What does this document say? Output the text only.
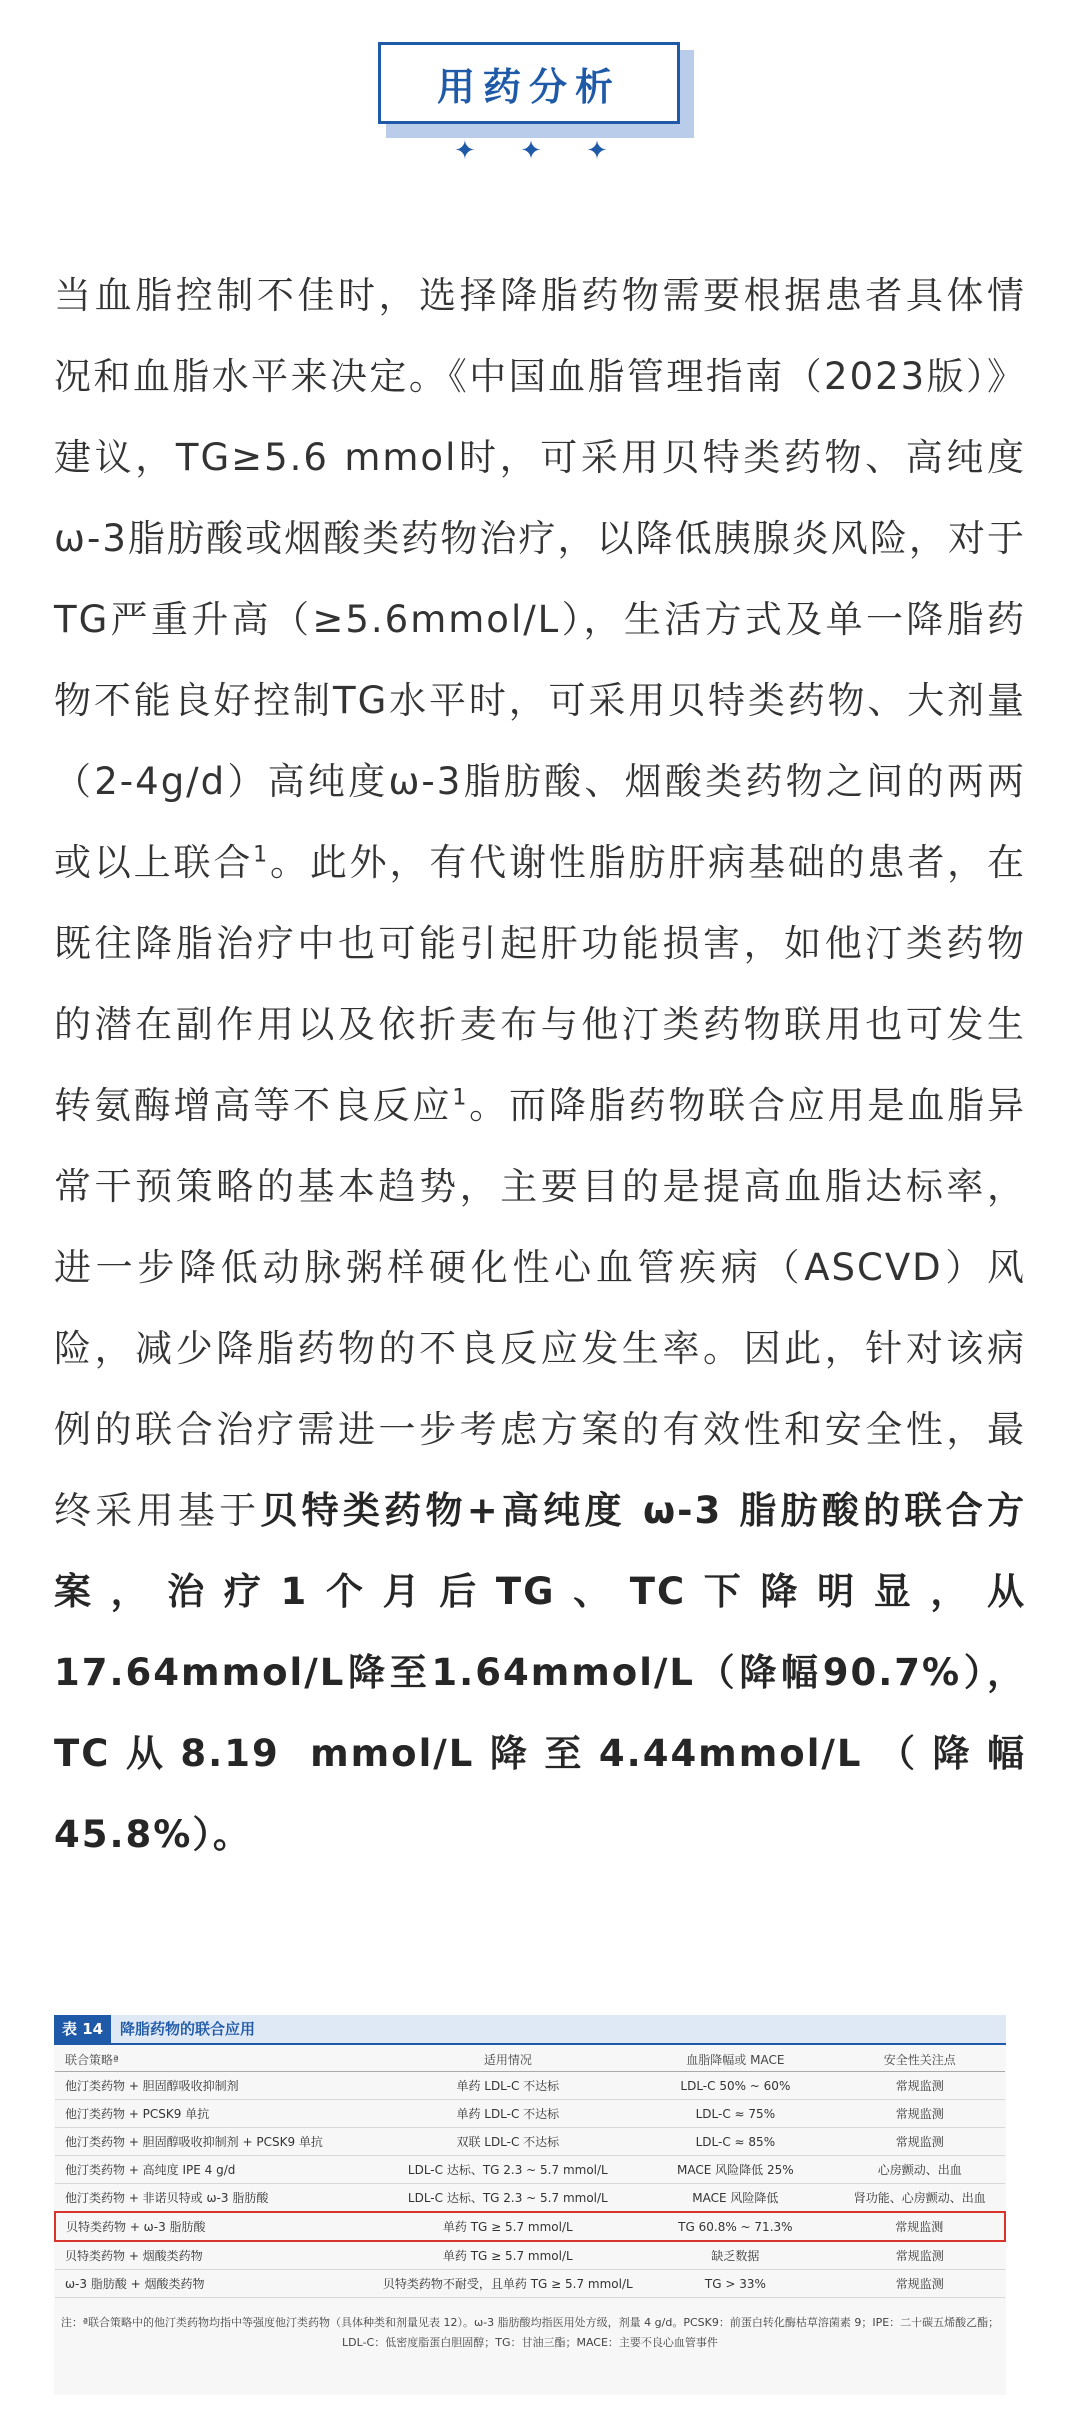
用药分析
✦ ✦ ✦
当血脂控制不佳时，选择降脂药物需要根据患者具体情况和血脂水平来决定。《中国血脂管理指南（2023版）》建议，TG≥5.6 mmol时，可采用贝特类药物、高纯度ω-3脂肪酸或烟酸类药物治疗，以降低胰腺炎风险，对于TG严重升高（≥5.6mmol/L），生活方式及单一降脂药物不能良好控制TG水平时，可采用贝特类药物、大剂量（2-4g/d）高纯度ω-3脂肪酸、烟酸类药物之间的两两或以上联合$^1$。此外，有代谢性脂肪肝病基础的患者，在既往降脂治疗中也可能引起肝功能损害，如他汀类药物的潜在副作用以及依折麦布与他汀类药物联用也可发生转氨酶增高等不良反应$^1$。而降脂药物联合应用是血脂异常干预策略的基本趋势，主要目的是提高血脂达标率，进一步降低动脉粥样硬化性心血管疾病（ASCVD）风险，减少降脂药物的不良反应发生率。因此，针对该病例的联合治疗需进一步考虑方案的有效性和安全性，最终采用基于贝特类药物+高纯度 ω-3 脂肪酸的联合方案，治疗1个月后TG、TC下降明显，从17.64mmol/L降至1.64mmol/L（降幅90.7%），TC从8.19 mmol/L降至4.44mmol/L（降幅45.8%）。
表 14	降脂药物的联合应用
联合策略ª	适用情况	血脂降幅或 MACE	安全性关注点
他汀类药物 + 胆固醇吸收抑制剂	单药 LDL-C 不达标	LDL-C 50% ~ 60%	常规监测
他汀类药物 + PCSK9 单抗	单药 LDL-C 不达标	LDL-C ≈ 75%	常规监测
他汀类药物 + 胆固醇吸收抑制剂 + PCSK9 单抗	双联 LDL-C 不达标	LDL-C ≈ 85%	常规监测
他汀类药物 + 高纯度 IPE 4 g/d	LDL-C 达标、TG 2.3 ~ 5.7 mmol/L	MACE 风险降低 25%	心房颤动、出血
他汀类药物 + 非诺贝特或 ω-3 脂肪酸	LDL-C 达标、TG 2.3 ~ 5.7 mmol/L	MACE 风险降低	肾功能、心房颤动、出血
贝特类药物 + ω-3 脂肪酸	单药 TG ≥ 5.7 mmol/L	TG 60.8% ~ 71.3%	常规监测
贝特类药物 + 烟酸类药物	单药 TG ≥ 5.7 mmol/L	缺乏数据	常规监测
ω-3 脂肪酸 + 烟酸类药物	贝特类药物不耐受，且单药 TG ≥ 5.7 mmol/L	TG > 33%	常规监测
注：ª联合策略中的他汀类药物均指中等强度他汀类药物（具体种类和剂量见表 12）。ω-3 脂肪酸均指医用处方级，剂量 4 g/d。PCSK9：前蛋白转化酶枯草溶菌素 9；IPE：二十碳五烯酸乙酯；LDL-C：低密度脂蛋白胆固醇；TG：甘油三酯；MACE：主要不良心血管事件
